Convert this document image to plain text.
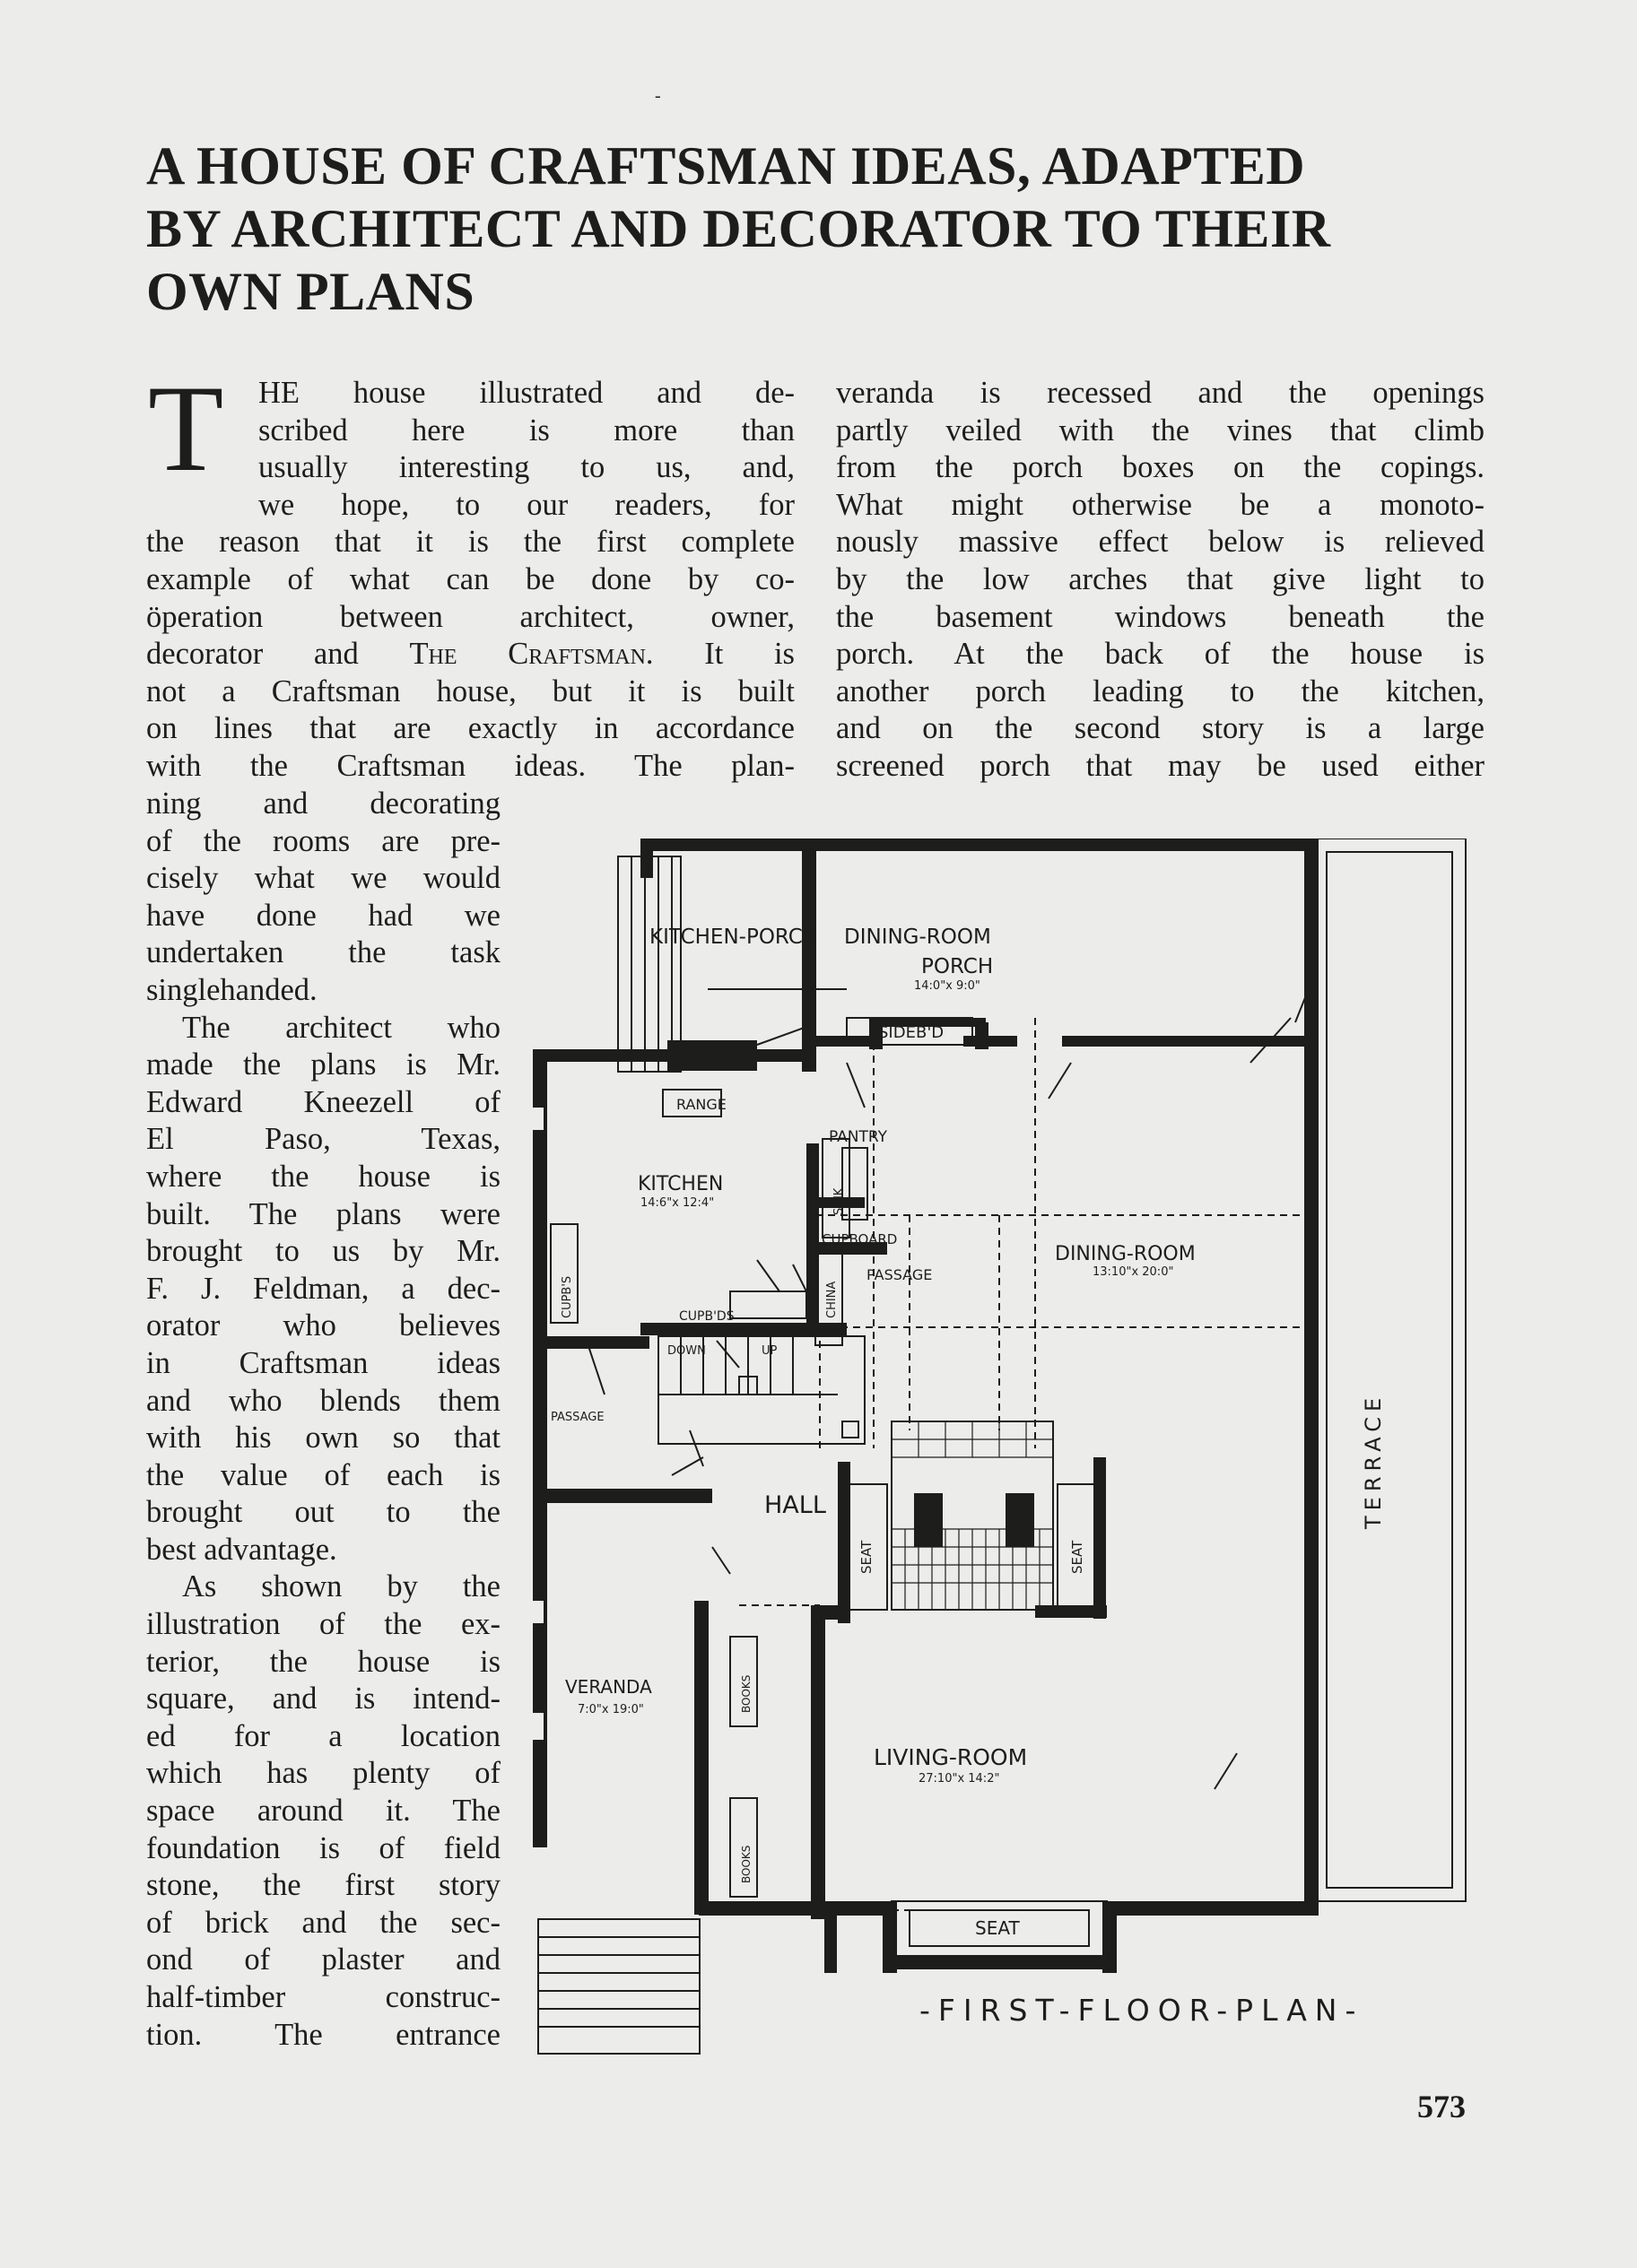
-
A HOUSE OF CRAFTSMAN IDEAS, ADAPTED
BY ARCHITECT AND DECORATOR TO THEIR
OWN PLANS
T	HE house illustrated and de-
scribed here is more than
usually interesting to us, and,
we hope, to our readers, for
the reason that it is the first complete
example of what can be done by co-
öperation between architect, owner,
decorator and The Craftsman. It is
not a Craftsman house, but it is built
on lines that are exactly in accordance
with the Craftsman ideas. The plan-
veranda is recessed and the openings
partly veiled with the vines that climb
from the porch boxes on the copings.
What might otherwise be a monoto-
nously massive effect below is relieved
by the low arches that give light to
the basement windows beneath the
porch. At the back of the house is
another porch leading to the kitchen,
and on the second story is a large
screened porch that may be used either
ning and decorating
of the rooms are pre-
cisely what we would
have done had we
undertaken the task
singlehanded.
The architect who
made the plans is Mr.
Edward Kneezell of
El Paso, Texas,
where the house is
built. The plans were
brought to us by Mr.
F. J. Feldman, a dec-
orator who believes
in Craftsman ideas
and who blends them
with his own so that
the value of each is
brought out to the
best advantage.
As shown by the
illustration of the ex-
terior, the house is
square, and is intend-
ed for a location
which has plenty of
space around it. The
foundation is of field
stone, the first story
of brick and the sec-
ond of plaster and
half-timber construc-
tion. The entrance
KITCHEN-PORCH DINING-ROOM
PORCH
14:0"x 9:0"
SIDEB'D
RANGE
PANTRY
KITCHEN
14:6"x 12:4"	SINK
CUPBOARD
CUPB'S
PASSAGE
CHINA
DINING-ROOM
13:10"x 20:0"
CUPB'DS
DOWN	UP
PASSAGE
HALL
SEAT	SEAT
TERRACE
BOOKS
BOOKS
VERANDA
7:0"x 19:0"
LIVING-ROOM
27:10"x 14:2"
SEAT
-FIRST-FLOOR-PLAN-
573
